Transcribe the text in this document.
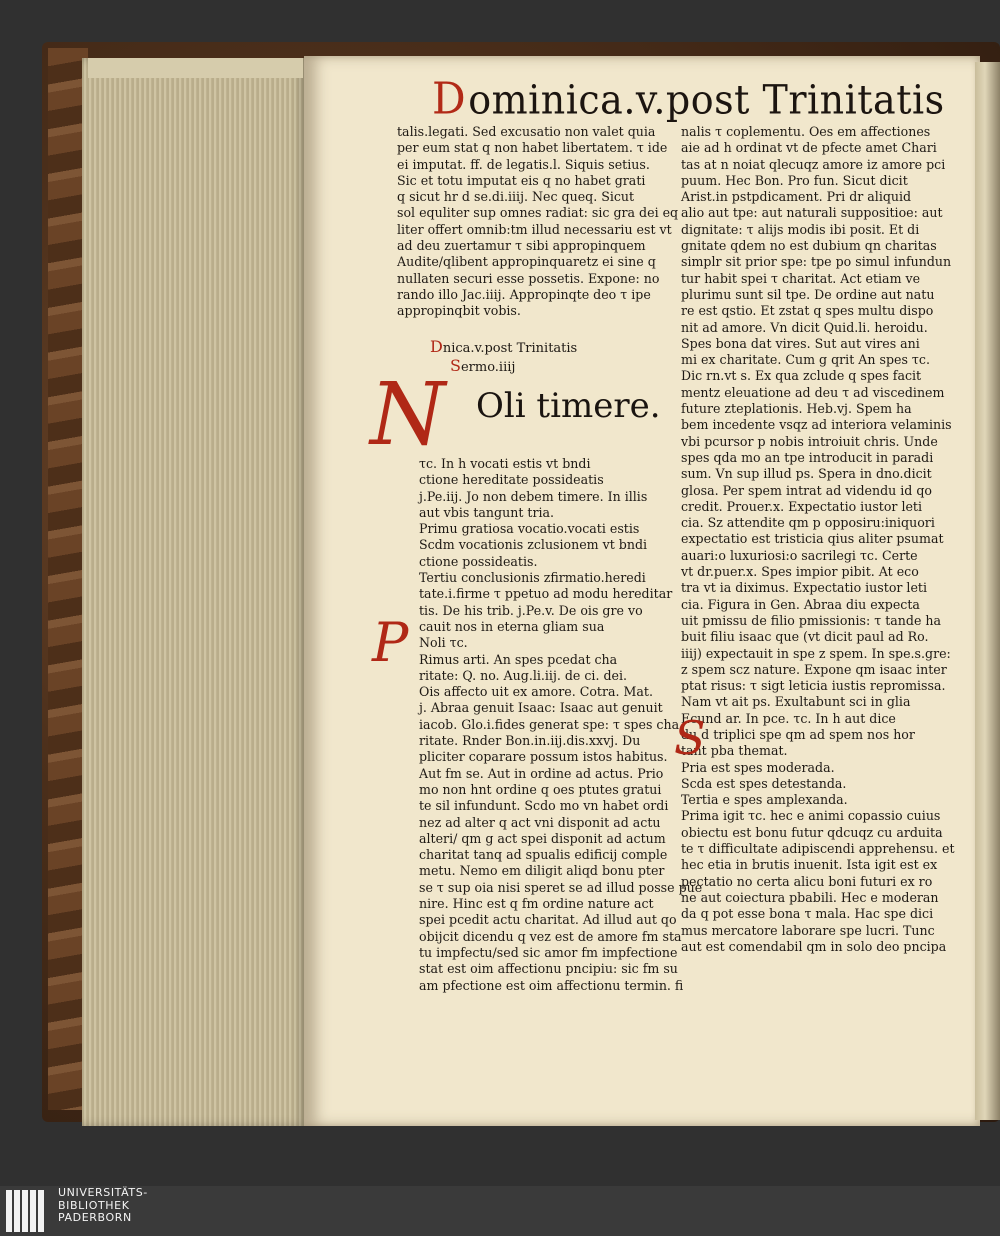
Dominica.v.post Trinitatis

talis.legati. Sed excusatio non valet quia

per eum stat q non habet libertatem. τ ide

ei imputat. ff. de legatis.l. Siquis setius.

Sic et totu imputat eis q no habet grati

q sicut hr d se.di.iiij. Nec queq. Sicut

sol equliter sup omnes radiat: sic gra dei eq

liter offert omnib:tm illud necessariu est vt

ad deu zuertamur τ sibi appropinquem

Audite/qlibent appropinquaretz ei sine q

nullaten securi esse possetis. Expone: no

rando illo Jac.iiij. Appropinqte deo τ ipe

appropinqbit vobis.

Dnica.v.post Trinitatis
Sermo.iiij
N Oli timere.

τc. In h vocati estis vt bndi

ctione hereditate possideatis

j.Pe.iij. Jo non debem timere. In illis

aut vbis tangunt tria.

Primu gratiosa vocatio.vocati estis

Scdm vocationis zclusionem vt bndi

ctione possideatis.

Tertiu conclusionis zfirmatio.heredi

tate.i.firme τ ppetuo ad modu hereditar

tis. De his trib. j.Pe.v. De ois gre vo

cauit nos in eterna gliam sua

Noli τc.

Rimus arti. An spes pcedat cha

ritate: Q. no. Aug.li.iij. de ci. dei.

Ois affecto uit ex amore. Cotra. Mat.

j. Abraa genuit Isaac: Isaac aut genuit

iacob. Glo.i.fides generat spe: τ spes cha

ritate. Rnder Bon.in.iij.dis.xxvj. Du

pliciter coparare possum istos habitus.

Aut fm se. Aut in ordine ad actus. Prio

mo non hnt ordine q oes ptutes gratui

te sil infundunt. Scdo mo vn habet ordi

nez ad alter q act vni disponit ad actu

alteri/ qm g act spei disponit ad actum

charitat tanq ad spualis edificij comple

metu. Nemo em diligit aliqd bonu pter

se τ sup oia nisi speret se ad illud posse pue

nire. Hinc est q fm ordine nature act

spei pcedit actu charitat. Ad illud aut qo

obijcit dicendu q vez est de amore fm sta

tu impfectu/sed sic amor fm impfectione

stat est oim affectionu pncipiu: sic fm su

am pfectione est oim affectionu termin. fi

P

nalis τ coplementu. Oes em affectiones

aie ad h ordinat vt de pfecte amet Chari

tas at n noiat qlecuqz amore iz amore pci

puum. Hec Bon. Pro fun. Sicut dicit

Arist.in pstpdicament. Pri dr aliquid

alio aut tpe: aut naturali suppositioe: aut

dignitate: τ alijs modis ibi posit. Et di

gnitate qdem no est dubium qn charitas

simplr sit prior spe: tpe po simul infundun

tur habit spei τ charitat. Act etiam ve

plurimu sunt sil tpe. De ordine aut natu

re est qstio. Et zstat q spes multu dispo

nit ad amore. Vn dicit Quid.li. heroidu.

Spes bona dat vires. Sut aut vires ani

mi ex charitate. Cum g qrit An spes τc.

Dic rn.vt s. Ex qua zclude q spes facit

mentz eleuatione ad deu τ ad viscedinem

future zteplationis. Heb.vj. Spem ha

bem incedente vsqz ad interiora velaminis

vbi pcursor p nobis introiuit chris. Unde

spes qda mo an tpe introducit in paradi

sum. Vn sup illud ps. Spera in dno.dicit

glosa. Per spem intrat ad videndu id qo

credit. Prouer.x. Expectatio iustor leti

cia. Sz attendite qm p opposiru:iniquori

expectatio est tristicia qius aliter psumat

auari:o luxuriosi:o sacrilegi τc. Certe

vt dr.puer.x. Spes impior pibit. At eco

tra vt ia diximus. Expectatio iustor leti

cia. Figura in Gen. Abraa diu expecta

uit pmissu de filio pmissionis: τ tande ha

buit filiu isaac que (vt dicit paul ad Ro.

iiij) expectauit in spe z spem. In spe.s.gre:

z spem scz nature. Expone qm isaac inter

ptat risus: τ sigt leticia iustis repromissa.

Nam vt ait ps. Exultabunt sci in glia

Ecund ar. In pce. τc. In h aut dice

du d triplici spe qm ad spem nos hor

tant pba themat.

Pria est spes moderada.

Scda est spes detestanda.

Tertia e spes amplexanda.

Prima igit τc. hec e animi copassio cuius

obiectu est bonu futur qdcuqz cu arduita

te τ difficultate adipiscendi apprehensu. et

hec etia in brutis inuenit. Ista igit est ex

pectatio no certa alicu boni futuri ex ro

ne aut coiectura pbabili. Hec e moderan

da q pot esse bona τ mala. Hac spe dici

mus mercatore laborare spe lucri. Tunc

aut est comendabil qm in solo deo pncipa

S
UNIVERSITÄTS-
BIBLIOTHEK
PADERBORN
